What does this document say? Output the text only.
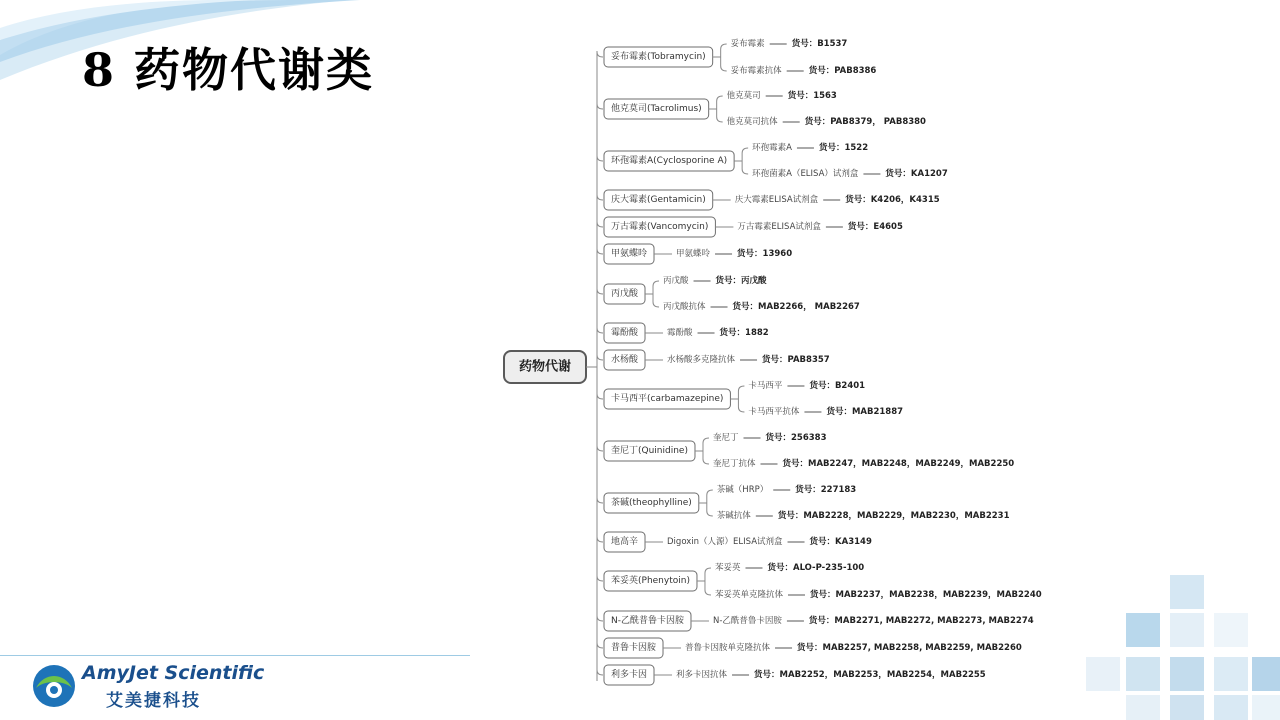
8 药物代谢类
药物代谢
妥布霉素(Tobramycin)
妥布霉素	货号：B1537
妥布霉素抗体	货号：PAB8386
他克莫司(Tacrolimus)
他克莫司	货号：1563
他克莫司抗体	货号：PAB8379， PAB8380
环孢霉素A(Cyclosporine A)
环孢霉素A	货号：1522
环孢菌素A（ELISA）试剂盒	货号：KA1207
庆大霉素(Gentamicin)	庆大霉素ELISA试剂盒	货号：K4206，K4315
万古霉素(Vancomycin)	万古霉素ELISA试剂盒	货号：E4605
甲氨蝶呤	甲氨蝶呤	货号：13960
丙戊酸
丙戊酸	货号：丙戊酸
丙戊酸抗体	货号：MAB2266， MAB2267
霉酚酸	霉酚酸	货号：1882
水杨酸	水杨酸多克隆抗体	货号：PAB8357
卡马西平(carbamazepine)
卡马西平	货号：B2401
卡马西平抗体	货号：MAB21887
奎尼丁(Quinidine)
奎尼丁	货号：256383
奎尼丁抗体	货号：MAB2247，MAB2248，MAB2249，MAB2250
茶碱(theophylline)
茶碱（HRP）	货号：227183
茶碱抗体	货号：MAB2228，MAB2229，MAB2230，MAB2231
地高辛	Digoxin（人源）ELISA试剂盒	货号：KA3149
苯妥英(Phenytoin)
苯妥英	货号：ALO-P-235-100
苯妥英单克隆抗体	货号：MAB2237，MAB2238，MAB2239，MAB2240
N-乙酰普鲁卡因胺	N-乙酰普鲁卡因胺	货号：MAB2271, MAB2272, MAB2273, MAB2274
普鲁卡因胺	普鲁卡因胺单克隆抗体	货号：MAB2257, MAB2258, MAB2259, MAB2260
利多卡因	利多卡因抗体	货号：MAB2252，MAB2253，MAB2254，MAB2255
AmyJet Scientific
艾美捷科技
